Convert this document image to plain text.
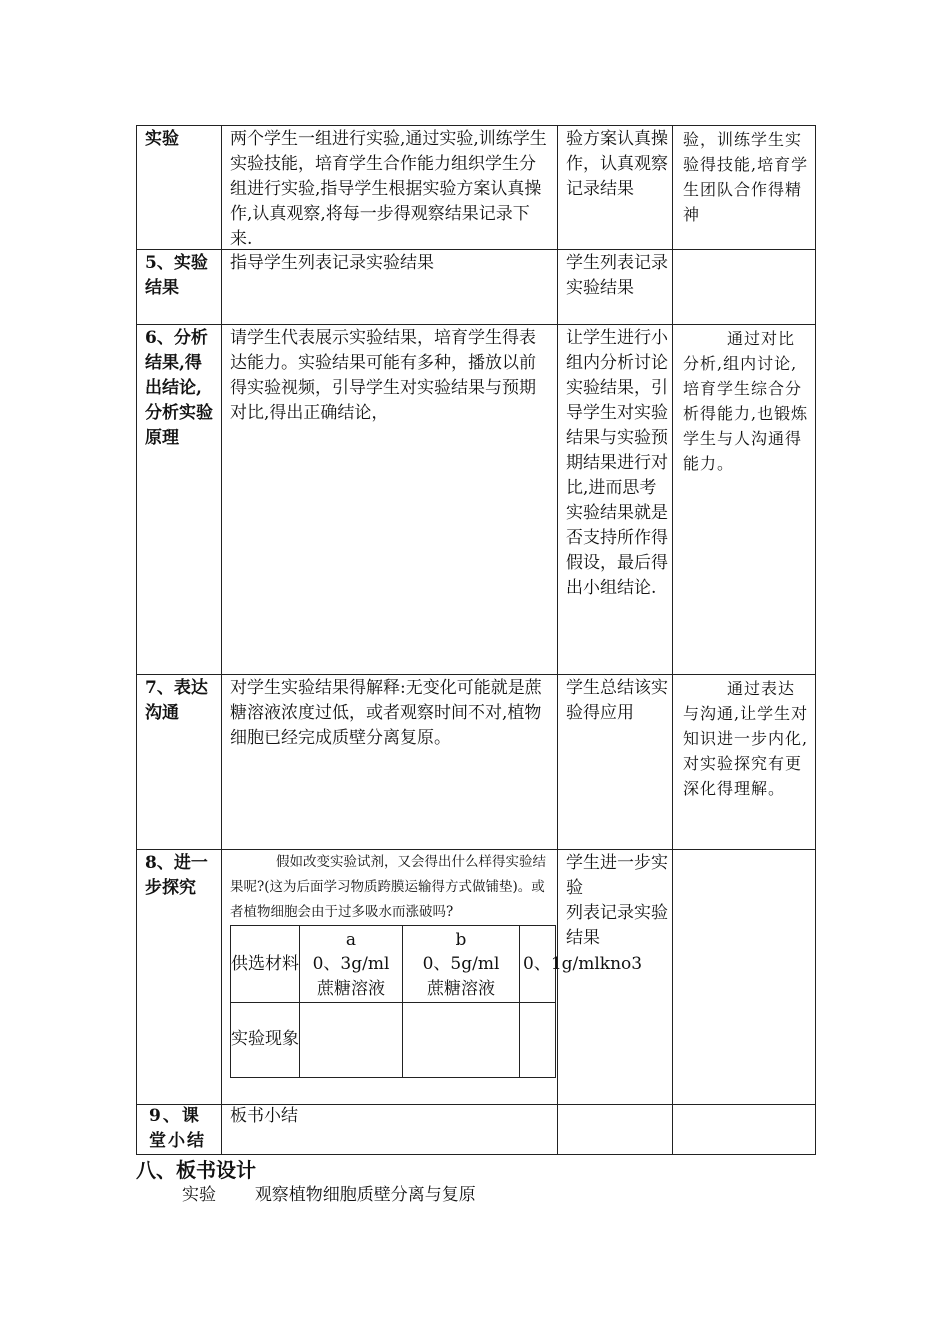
实验	两个学生一组进行实验,通过实验,训练学生实验技能，培育学生合作能力组织学生分组进行实验,指导学生根据实验方案认真操作,认真观察,将每一步得观察结果记录下来.
验方案认真操作，认真观察记录结果
验，训练学生实验得技能,培育学生团队合作得精神
5、实验结果
指导学生列表记录实验结果	学生列表记录实验结果
6、分析结果,得出结论,分析实验原理
请学生代表展示实验结果，培育学生得表达能力。实验结果可能有多种，播放以前得实验视频，引导学生对实验结果与预期对比,得出正确结论，
让学生进行小组内分析讨论实验结果，引导学生对实验结果与实验预期结果进行对比,进而思考实验结果就是否支持所作得假设，最后得出小组结论.
通过对比分析,组内讨论,培育学生综合分析得能力,也锻炼学生与人沟通得能力。
7、表达沟通
对学生实验结果得解释:无变化可能就是蔗糖溶液浓度过低，或者观察时间不对,植物细胞已经完成质壁分离复原。
学生总结该实验得应用
通过表达与沟通,让学生对知识进一步内化,对实验探究有更深化得理解。
8、进一步探究
假如改变实验试剂，又会得出什么样得实验结果呢?(这为后面学习物质跨膜运输得方式做铺垫)。或者植物细胞会由于过多吸水而涨破吗?
学生进一步实验
列表记录实验结果
9、课堂小结
板书小结
供选材料
实验现象
a
0、3g/ml 蔗糖溶液
b
0、5g/ml 蔗糖溶液
0、1g/mlkno3
八、板书设计
实验 观察植物细胞质壁分离与复原
